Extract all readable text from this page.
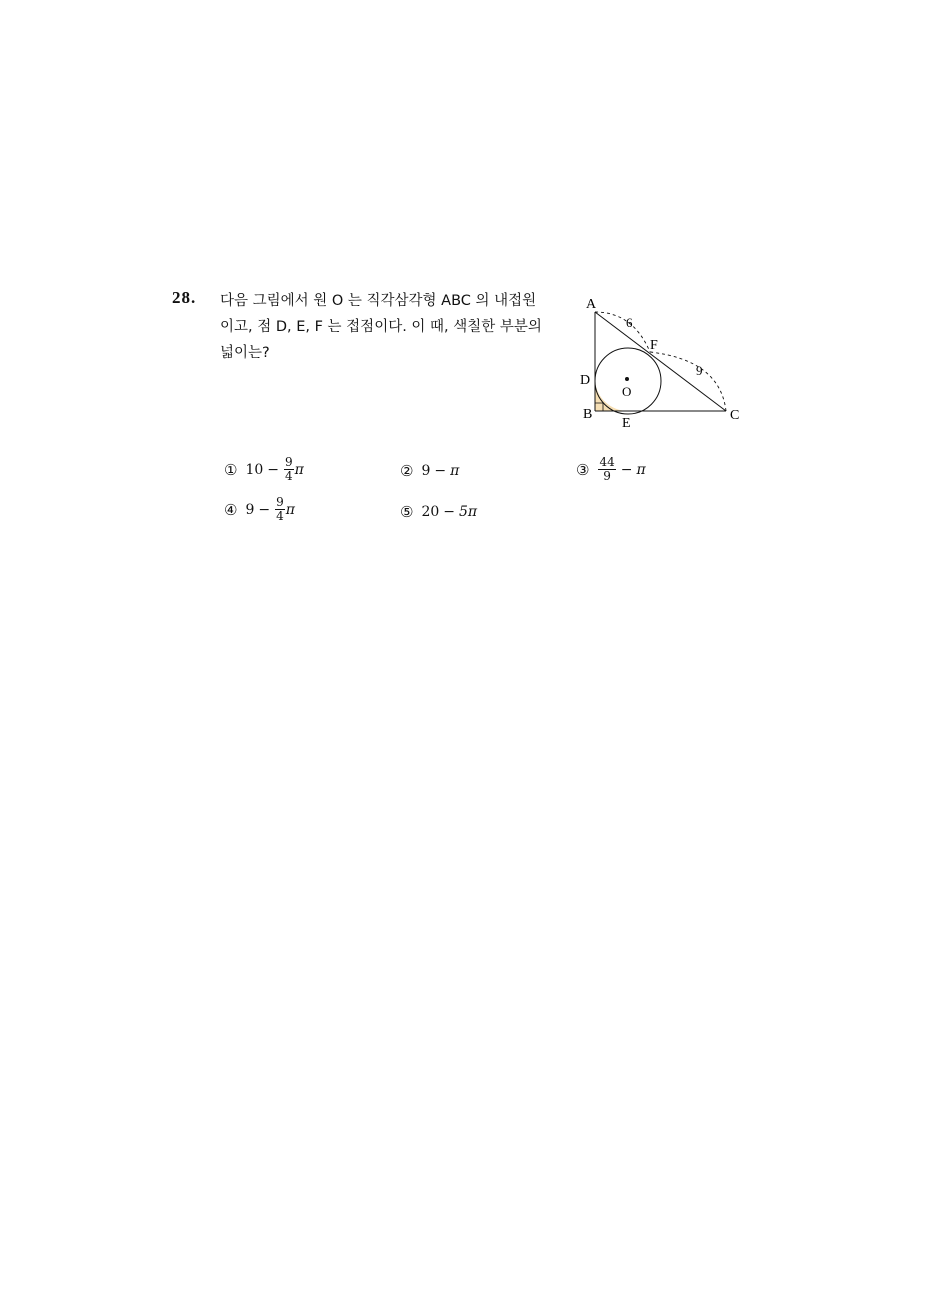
28. 다음 그림에서 원 O 는 직각삼각형 ABC 의 내접원
이고, 점 D, E, F 는 접점이다. 이 때, 색칠한 부분의
넓이는?
A
B	C
D
E
F
O
6
9
① $10 - \frac{9}{4}$ π	② 9 − π	③ $\frac{44}{9} - \pi$
④ $9 - \frac{9}{4}$ π	⑤ 20 − 5π
